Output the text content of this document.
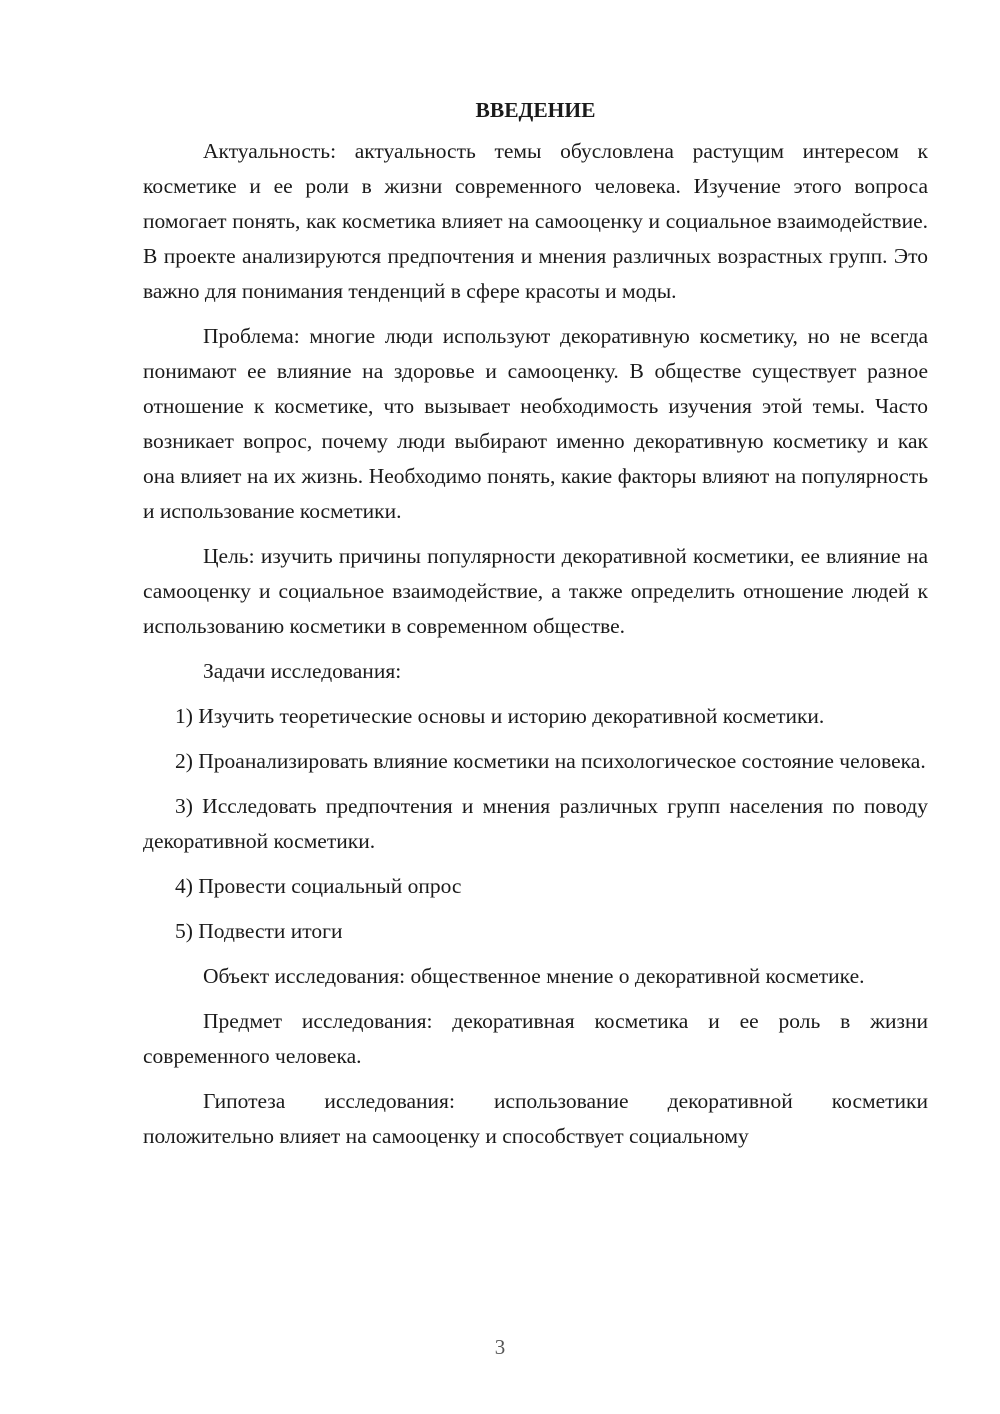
ВВЕДЕНИЕ

Актуальность: актуальность темы обусловлена растущим интересом к косметике и ее роли в жизни современного человека. Изучение этого вопроса помогает понять, как косметика влияет на самооценку и социальное взаимодействие. В проекте анализируются предпочтения и мнения различных возрастных групп. Это важно для понимания тенденций в сфере красоты и моды.

Проблема: многие люди используют декоративную косметику, но не всегда понимают ее влияние на здоровье и самооценку. В обществе существует разное отношение к косметике, что вызывает необходимость изучения этой темы. Часто возникает вопрос, почему люди выбирают именно декоративную косметику и как она влияет на их жизнь. Необходимо понять, какие факторы влияют на популярность и использование косметики.

Цель: изучить причины популярности декоративной косметики, ее влияние на самооценку и социальное взаимодействие, а также определить отношение людей к использованию косметики в современном обществе.

Задачи исследования:

1) Изучить теоретические основы и историю декоративной косметики.

2) Проанализировать влияние косметики на психологическое состояние человека.

3) Исследовать предпочтения и мнения различных групп населения по поводу декоративной косметики.

4) Провести социальный опрос

5) Подвести итоги

Объект исследования: общественное мнение о декоративной косметике.

Предмет исследования: декоративная косметика и ее роль в жизни современного человека.

Гипотеза исследования: использование декоративной косметики положительно влияет на самооценку и способствует социальному

3
